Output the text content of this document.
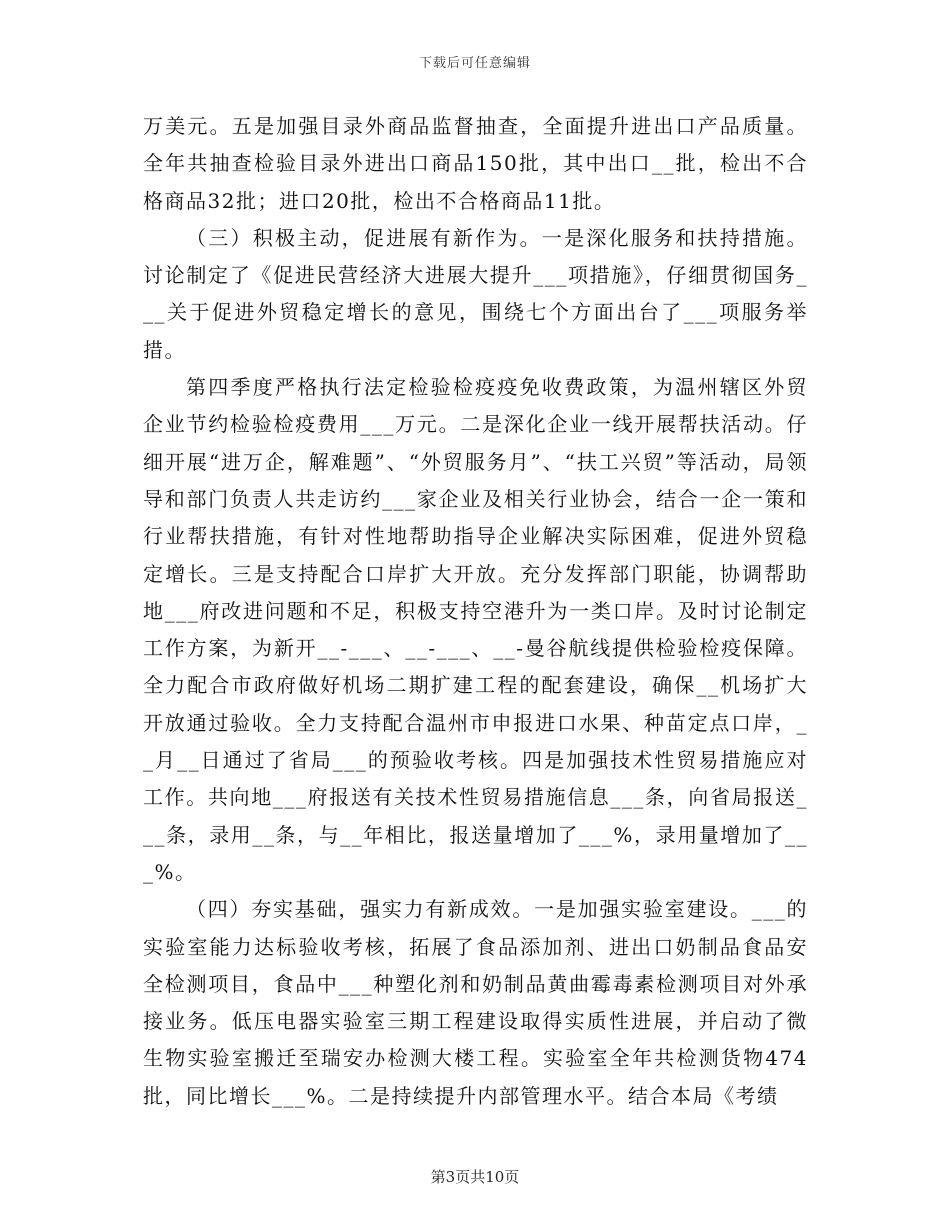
下载后可任意编辑

万美元。五是加强目录外商品监督抽查，全面提升进出口产品质量。全年共抽查检验目录外进出口商品150批，其中出口__批，检出不合格商品32批；进口20批，检出不合格商品11批。

（三）积极主动，促进展有新作为。一是深化服务和扶持措施。讨论制定了《促进民营经济大进展大提升___项措施》，仔细贯彻国务___关于促进外贸稳定增长的意见，围绕七个方面出台了___项服务举措。

第四季度严格执行法定检验检疫疫免收费政策，为温州辖区外贸企业节约检验检疫费用___万元。二是深化企业一线开展帮扶活动。仔细开展“进万企，解难题”、“外贸服务月”、“扶工兴贸”等活动，局领导和部门负责人共走访约___家企业及相关行业协会，结合一企一策和行业帮扶措施，有针对性地帮助指导企业解决实际困难，促进外贸稳定增长。三是支持配合口岸扩大开放。充分发挥部门职能，协调帮助地___府改进问题和不足，积极支持空港升为一类口岸。及时讨论制定工作方案，为新开__-___、__-___、__-曼谷航线提供检验检疫保障。全力配合市政府做好机场二期扩建工程的配套建设，确保__机场扩大开放通过验收。全力支持配合温州市申报进口水果、种苗定点口岸，__月__日通过了省局___的预验收考核。四是加强技术性贸易措施应对工作。共向地___府报送有关技术性贸易措施信息___条，向省局报送___条，录用__条，与__年相比，报送量增加了___%，录用量增加了___%。

（四）夯实基础，强实力有新成效。一是加强实验室建设。___的实验室能力达标验收考核，拓展了食品添加剂、进出口奶制品食品安全检测项目，食品中___种塑化剂和奶制品黄曲霉毒素检测项目对外承接业务。低压电器实验室三期工程建设取得实质性进展，并启动了微生物实验室搬迁至瑞安办检测大楼工程。实验室全年共检测货物474批，同比增长___%。二是持续提升内部管理水平。结合本局《考绩

第3页共10页
